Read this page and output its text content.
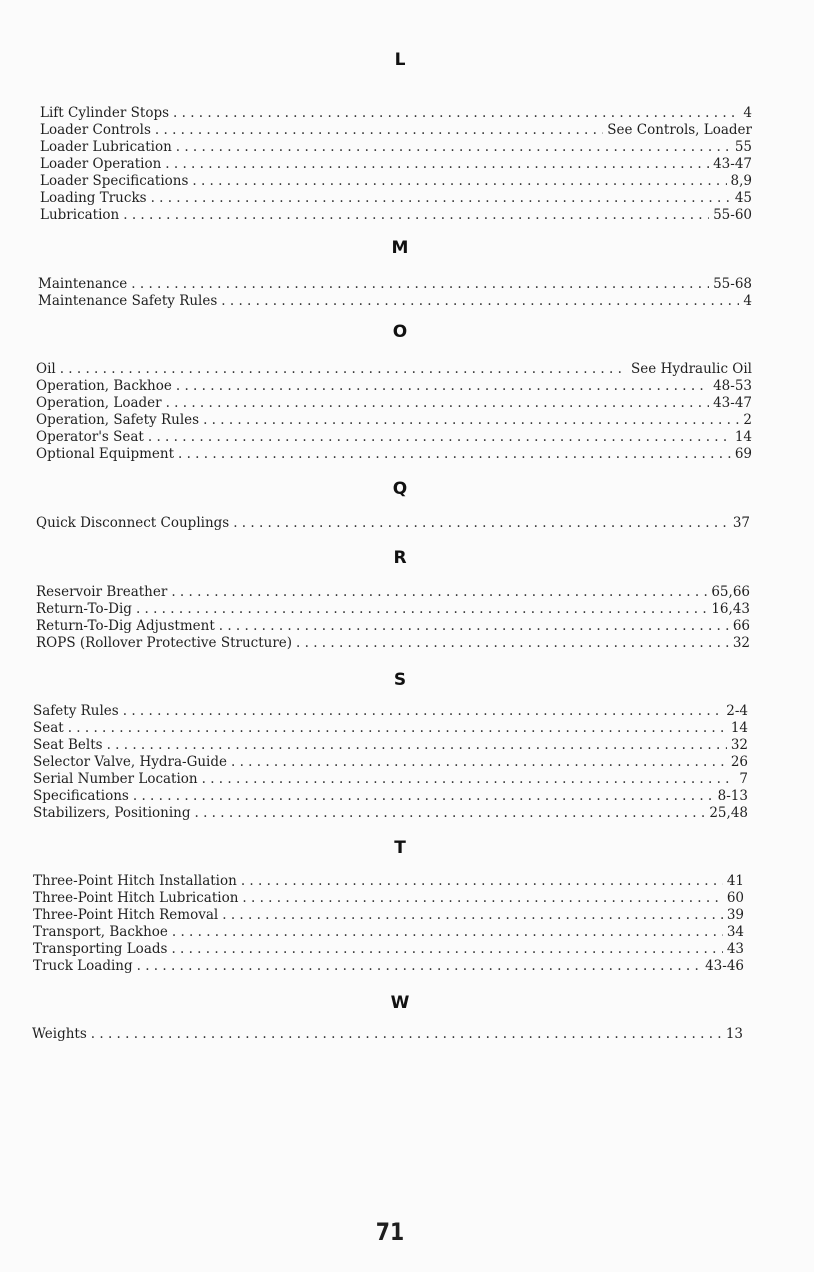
L
Lift Cylinder Stops . . .	4
Loader Controls . . .	See Controls, Loader
Loader Lubrication . . .	55
Loader Operation . . .	43-47
Loader Specifications . . .	8,9
Loading Trucks . . .	45
Lubrication . . .	55-60
M
Maintenance . . .	55-68
Maintenance Safety Rules . . .	4
O
Oil . . .	See Hydraulic Oil
Operation, Backhoe . . .	48-53
Operation, Loader . . .	43-47
Operation, Safety Rules . . .	2
Operator's Seat . . .	14
Optional Equipment . . .	69
Q
Quick Disconnect Couplings . . .	37
R
Reservoir Breather . . .	65,66
Return-To-Dig . . .	16,43
Return-To-Dig Adjustment . . .	66
ROPS (Rollover Protective Structure) . . .	32
S
Safety Rules . . .	2-4
Seat . . .	14
Seat Belts . . .	32
Selector Valve, Hydra-Guide . . .	26
Serial Number Location . . .	7
Specifications . . .	8-13
Stabilizers, Positioning . . .	25,48
T
Three-Point Hitch Installation . . .	41
Three-Point Hitch Lubrication . . .	60
Three-Point Hitch Removal . . .	39
Transport, Backhoe . . .	34
Transporting Loads . . .	43
Truck Loading . . .	43-46
W
Weights . . .	13
71
